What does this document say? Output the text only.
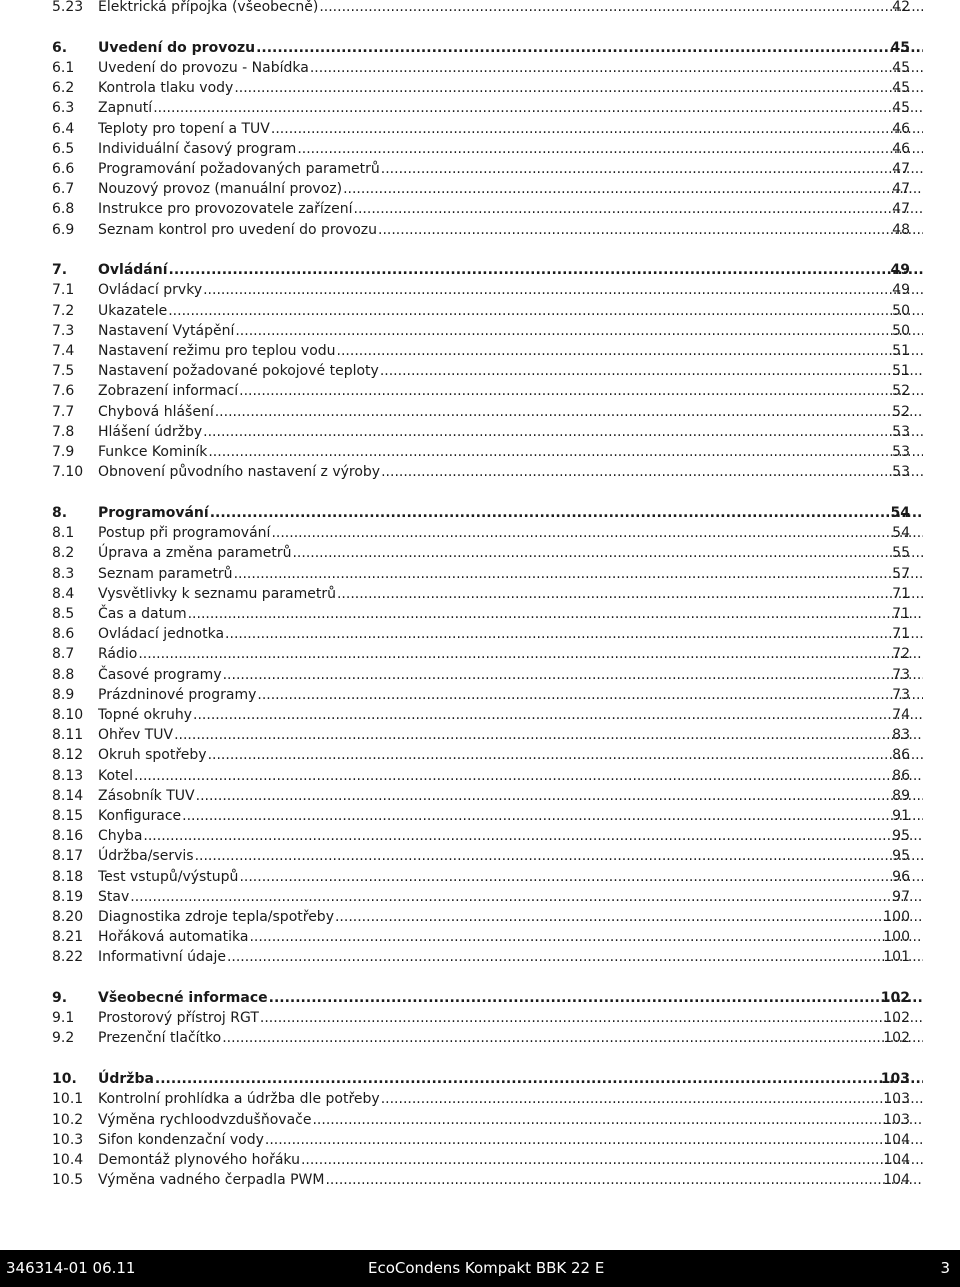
5.23 Elektrická přípojka (všeobecně) .....	42
6. Uvedení do provozu .....	45
6.1 Uvedení do provozu - Nabídka .....	45
6.2 Kontrola tlaku vody .....	45
6.3 Zapnutí .....	45
6.4 Teploty pro topení a TUV .....	46
6.5 Individuální časový program .....	46
6.6 Programování požadovaných parametrů .....	47
6.7 Nouzový provoz (manuální provoz) .....	47
6.8 Instrukce pro provozovatele zařízení .....	47
6.9 Seznam kontrol pro uvedení do provozu .....	48
7. Ovládání .....	49
7.1 Ovládací prvky .....	49
7.2 Ukazatele .....	50
7.3 Nastavení Vytápění .....	50
7.4 Nastavení režimu pro teplou vodu .....	51
7.5 Nastavení požadované pokojové teploty .....	51
7.6 Zobrazení informací .....	52
7.7 Chybová hlášení .....	52
7.8 Hlášení údržby .....	53
7.9 Funkce Kominík .....	53
7.10 Obnovení původního nastavení z výroby .....	53
8. Programování .....	54
8.1 Postup při programování .....	54
8.2 Úprava a změna parametrů .....	55
8.3 Seznam parametrů .....	57
8.4 Vysvětlivky k seznamu parametrů .....	71
8.5 Čas a datum .....	71
8.6 Ovládací jednotka .....	71
8.7 Rádio .....	72
8.8 Časové programy .....	73
8.9 Prázdninové programy .....	73
8.10 Topné okruhy .....	74
8.11 Ohřev TUV .....	83
8.12 Okruh spotřeby .....	86
8.13 Kotel .....	86
8.14 Zásobník TUV .....	89
8.15 Konfigurace .....	91
8.16 Chyba .....	95
8.17 Údržba/servis .....	95
8.18 Test vstupů/výstupů .....	96
8.19 Stav .....	97
8.20 Diagnostika zdroje tepla/spotřeby .....	100
8.21 Hořáková automatika .....	100
8.22 Informativní údaje .....	101
9. Všeobecné informace .....	102
9.1 Prostorový přístroj RGT .....	102
9.2 Prezenční tlačítko .....	102
10. Údržba .....	103
10.1 Kontrolní prohlídka a údržba dle potřeby .....	103
10.2 Výměna rychloodvzdušňovače .....	103
10.3 Sifon kondenzační vody .....	104
10.4 Demontáž plynového hořáku .....	104
10.5 Výměna vadného čerpadla PWM .....	104
346314-01 06.11	EcoCondens Kompakt BBK 22 E	3
